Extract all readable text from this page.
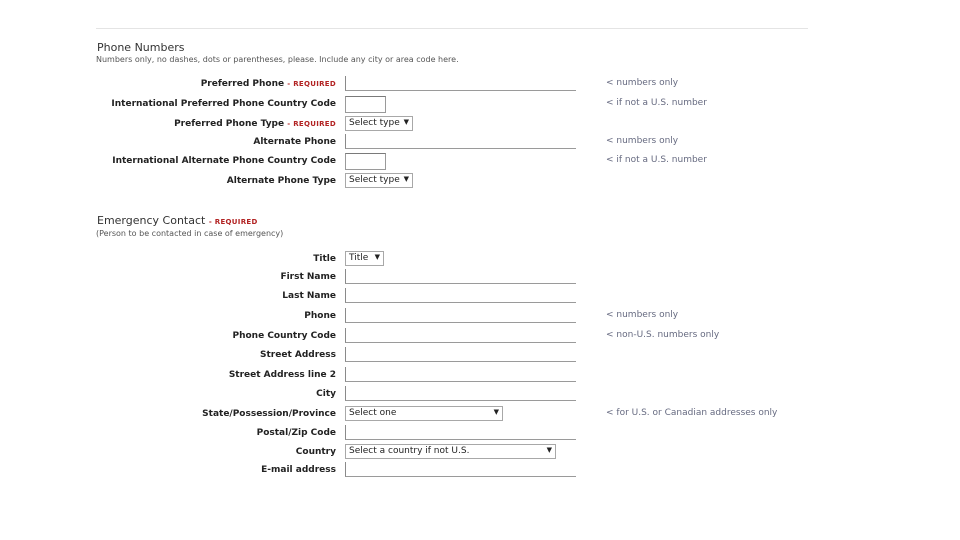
Phone Numbers
Numbers only, no dashes, dots or parentheses, please. Include any city or area code here.
Preferred Phone - REQUIRED	< numbers only
International Preferred Phone Country Code	< if not a U.S. number
Preferred Phone Type - REQUIRED	Select type ▼
Alternate Phone	< numbers only
International Alternate Phone Country Code	< if not a U.S. number
Alternate Phone Type	Select type ▼
Emergency Contact - REQUIRED
(Person to be contacted in case of emergency)
Title	Title ▼
First Name
Last Name
Phone	< numbers only
Phone Country Code	< non-U.S. numbers only
Street Address
Street Address line 2
City
State/Possession/Province	Select one	▼	< for U.S. or Canadian addresses only
Postal/Zip Code
Country	Select a country if not U.S.	▼
E-mail address
